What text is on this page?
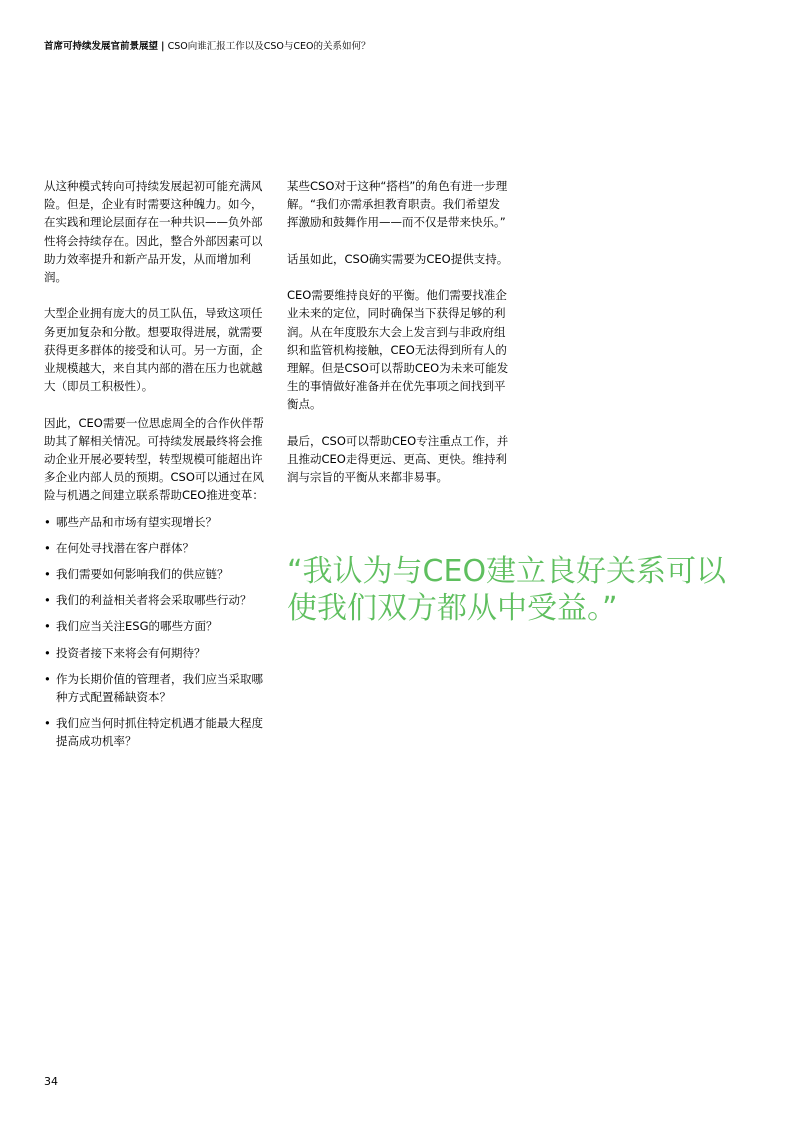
首席可持续发展官前景展望 | CSO向谁汇报工作以及CSO与CEO的关系如何？

从这种模式转向可持续发展起初可能充满风险。但是，企业有时需要这种魄力。如今，在实践和理论层面存在一种共识——负外部性将会持续存在。因此，整合外部因素可以助力效率提升和新产品开发，从而增加利润。

大型企业拥有庞大的员工队伍，导致这项任务更加复杂和分散。想要取得进展，就需要获得更多群体的接受和认可。另一方面，企业规模越大，来自其内部的潜在压力也就越大（即员工积极性）。

因此，CEO需要一位思虑周全的合作伙伴帮助其了解相关情况。可持续发展最终将会推动企业开展必要转型，转型规模可能超出许多企业内部人员的预期。CSO可以通过在风险与机遇之间建立联系帮助CEO推进变革：

• 哪些产品和市场有望实现增长？
• 在何处寻找潜在客户群体？
• 我们需要如何影响我们的供应链？
• 我们的利益相关者将会采取哪些行动？
• 我们应当关注ESG的哪些方面？
• 投资者接下来将会有何期待？
• 作为长期价值的管理者，我们应当采取哪种方式配置稀缺资本？
• 我们应当何时抓住特定机遇才能最大程度提高成功机率？

某些CSO对于这种“搭档”的角色有进一步理解。“我们亦需承担教育职责。我们希望发挥激励和鼓舞作用——而不仅是带来快乐。”

话虽如此，CSO确实需要为CEO提供支持。

CEO需要维持良好的平衡。他们需要找准企业未来的定位，同时确保当下获得足够的利润。从在年度股东大会上发言到与非政府组织和监管机构接触，CEO无法得到所有人的理解。但是CSO可以帮助CEO为未来可能发生的事情做好准备并在优先事项之间找到平衡点。

最后，CSO可以帮助CEO专注重点工作，并且推动CEO走得更远、更高、更快。维持利润与宗旨的平衡从来都非易事。

“我认为与CEO建立良好关系可以使我们双方都从中受益。”
34
